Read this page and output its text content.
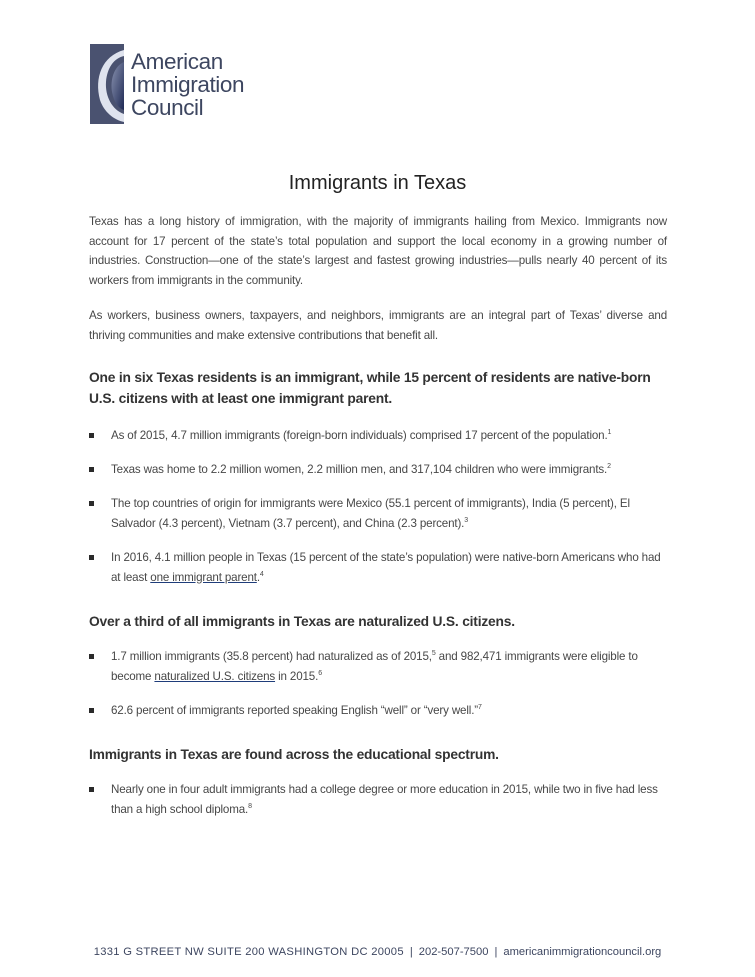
American
Immigration
Council
Immigrants in Texas

Texas has a long history of immigration, with the majority of immigrants hailing from Mexico. Immigrants now account for 17 percent of the state’s total population and support the local economy in a growing number of industries. Construction—one of the state’s largest and fastest growing industries—pulls nearly 40 percent of its workers from immigrants in the community.

As workers, business owners, taxpayers, and neighbors, immigrants are an integral part of Texas’ diverse and thriving communities and make extensive contributions that benefit all.

One in six Texas residents is an immigrant, while 15 percent of residents are native-born U.S. citizens with at least one immigrant parent.
As of 2015, 4.7 million immigrants (foreign-born individuals) comprised 17 percent of the population.$^1$
Texas was home to 2.2 million women, 2.2 million men, and 317,104 children who were immigrants.$^2$
The top countries of origin for immigrants were Mexico (55.1 percent of immigrants), India (5 percent), El Salvador (4.3 percent), Vietnam (3.7 percent), and China (2.3 percent).$^3$
In 2016, 4.1 million people in Texas (15 percent of the state’s population) were native-born Americans who had at least one immigrant parent.$^4$
Over a third of all immigrants in Texas are naturalized U.S. citizens.
1.7 million immigrants (35.8 percent) had naturalized as of 2015,$^5$ and 982,471 immigrants were eligible to become naturalized U.S. citizens in 2015.$^6$
62.6 percent of immigrants reported speaking English “well” or “very well.”$^7$
Immigrants in Texas are found across the educational spectrum.
Nearly one in four adult immigrants had a college degree or more education in 2015, while two in five had less than a high school diploma.$^8$
1331 G STREET NW SUITE 200 WASHINGTON DC 20005 | 202-507-7500 | americanimmigrationcouncil.org
